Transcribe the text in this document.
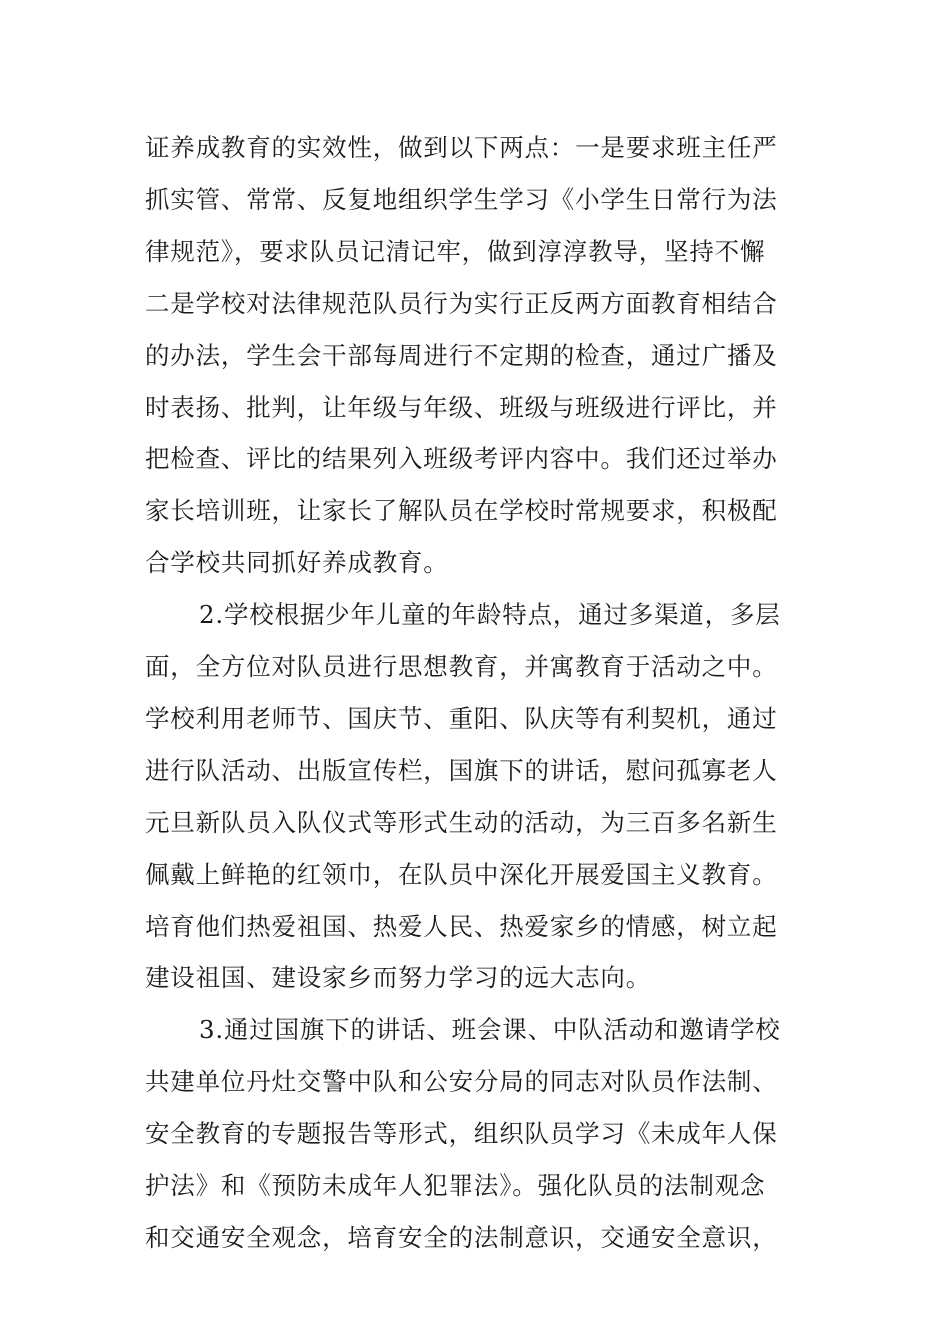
证养成教育的实效性，做到以下两点：一是要求班主任严
抓实管、常常、反复地组织学生学习《小学生日常行为法
律规范》，要求队员记清记牢，做到淳淳教导，坚持不懈
二是学校对法律规范队员行为实行正反两方面教育相结合
的办法，学生会干部每周进行不定期的检查，通过广播及
时表扬、批判，让年级与年级、班级与班级进行评比，并
把检查、评比的结果列入班级考评内容中。我们还过举办
家长培训班，让家长了解队员在学校时常规要求，积极配
合学校共同抓好养成教育。
2.学校根据少年儿童的年龄特点，通过多渠道，多层
面，全方位对队员进行思想教育，并寓教育于活动之中。
学校利用老师节、国庆节、重阳、队庆等有利契机，通过
进行队活动、出版宣传栏，国旗下的讲话，慰问孤寡老人
元旦新队员入队仪式等形式生动的活动，为三百多名新生
佩戴上鲜艳的红领巾，在队员中深化开展爱国主义教育。
培育他们热爱祖国、热爱人民、热爱家乡的情感，树立起
建设祖国、建设家乡而努力学习的远大志向。
3.通过国旗下的讲话、班会课、中队活动和邀请学校
共建单位丹灶交警中队和公安分局的同志对队员作法制、
安全教育的专题报告等形式，组织队员学习《未成年人保
护法》和《预防未成年人犯罪法》。强化队员的法制观念
和交通安全观念，培育安全的法制意识，交通安全意识，
